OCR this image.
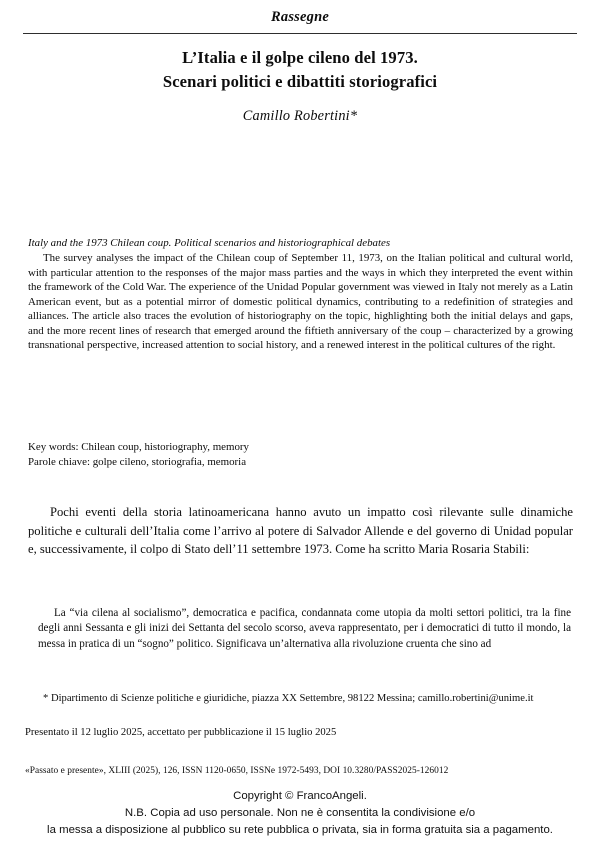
Rassegne
L’Italia e il golpe cileno del 1973.
Scenari politici e dibattiti storiografici
Camillo Robertini*
Italy and the 1973 Chilean coup. Political scenarios and historiographical debates
The survey analyses the impact of the Chilean coup of September 11, 1973, on the Italian political and cultural world, with particular attention to the responses of the major mass parties and the ways in which they interpreted the event within the framework of the Cold War. The experience of the Unidad Popular government was viewed in Italy not merely as a Latin American event, but as a potential mirror of domestic political dynamics, contributing to a redefinition of strategies and alliances. The article also traces the evolution of historiography on the topic, highlighting both the initial delays and gaps, and the more recent lines of research that emerged around the fiftieth anniversary of the coup – characterized by a growing transnational perspective, increased attention to social history, and a renewed interest in the political cultures of the right.
Key words: Chilean coup, historiography, memory
Parole chiave: golpe cileno, storiografia, memoria
Pochi eventi della storia latinoamericana hanno avuto un impatto così rilevante sulle dinamiche politiche e culturali dell’Italia come l’arrivo al potere di Salvador Allende e del governo di Unidad popular e, successivamente, il colpo di Stato dell’11 settembre 1973. Come ha scritto Maria Rosaria Stabili:
La “via cilena al socialismo”, democratica e pacifica, condannata come utopia da molti settori politici, tra la fine degli anni Sessanta e gli inizi dei Settanta del secolo scorso, aveva rappresentato, per i democratici di tutto il mondo, la messa in pratica di un “sogno” politico. Significava un’alternativa alla rivoluzione cruenta che sino ad
* Dipartimento di Scienze politiche e giuridiche, piazza XX Settembre, 98122 Messina; camillo.robertini@unime.it
Presentato il 12 luglio 2025, accettato per pubblicazione il 15 luglio 2025
«Passato e presente», XLIII (2025), 126, ISSN 1120-0650, ISSNe 1972-5493, DOI 10.3280/PASS2025-126012
Copyright © FrancoAngeli.
N.B. Copia ad uso personale. Non ne è consentita la condivisione e/o
la messa a disposizione al pubblico su rete pubblica o privata, sia in forma gratuita sia a pagamento.
